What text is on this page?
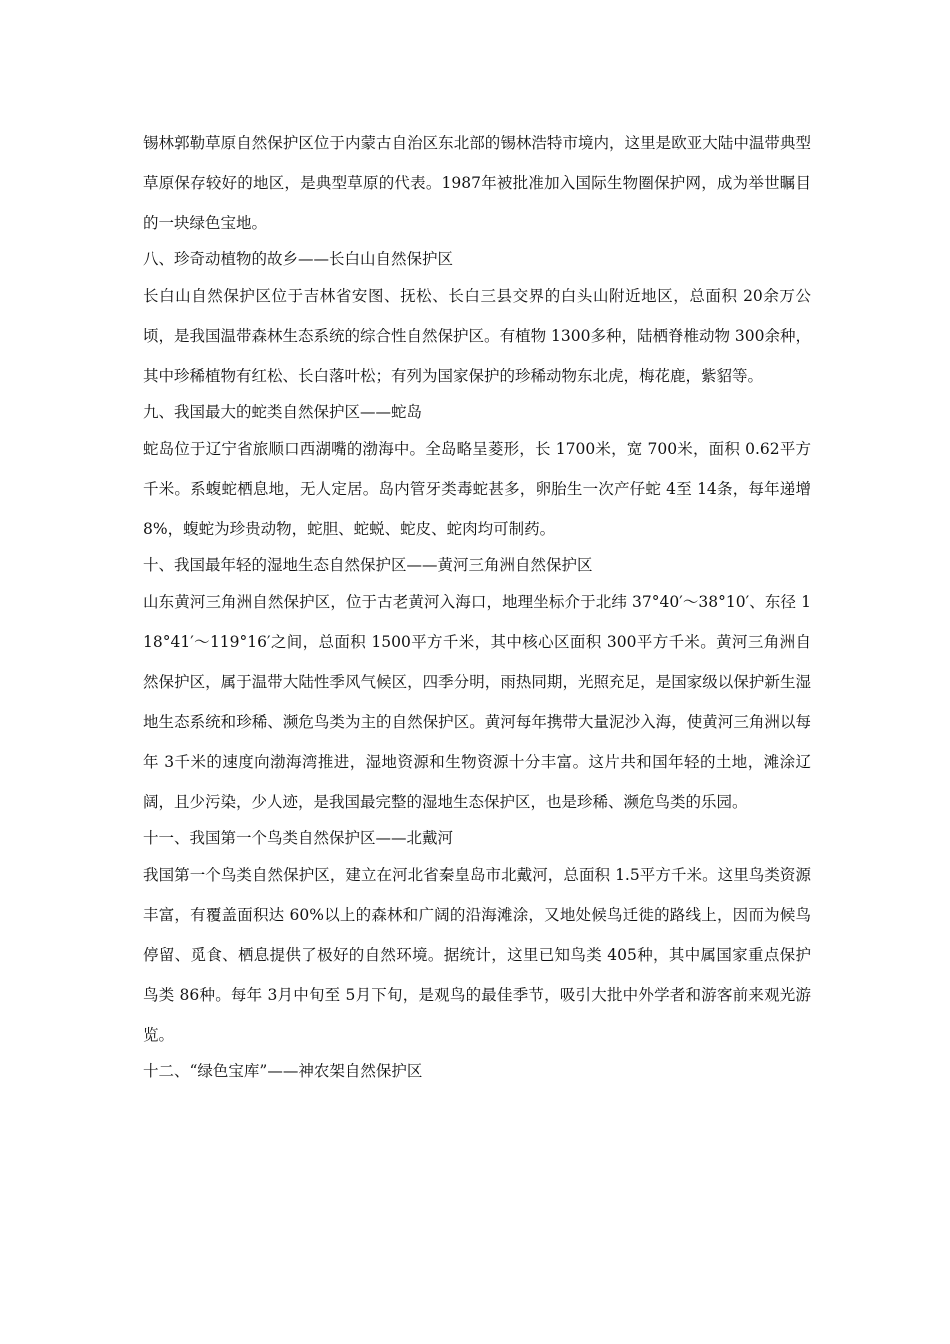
锡林郭勒草原自然保护区位于内蒙古自治区东北部的锡林浩特市境内，这里是欧亚大陆中温带典型草原保存较好的地区，是典型草原的代表。1987年被批准加入国际生物圈保护网，成为举世瞩目的一块绿色宝地。

八、珍奇动植物的故乡——长白山自然保护区

长白山自然保护区位于吉林省安图、抚松、长白三县交界的白头山附近地区，总面积 20余万公顷，是我国温带森林生态系统的综合性自然保护区。有植物 1300多种，陆栖脊椎动物 300余种，其中珍稀植物有红松、长白落叶松；有列为国家保护的珍稀动物东北虎，梅花鹿，紫貂等。

九、我国最大的蛇类自然保护区——蛇岛

蛇岛位于辽宁省旅顺口西湖嘴的渤海中。全岛略呈菱形，长 1700米，宽 700米，面积 0.62平方千米。系蝮蛇栖息地，无人定居。岛内管牙类毒蛇甚多，卵胎生一次产仔蛇 4至 14条，每年递增 8%，蝮蛇为珍贵动物，蛇胆、蛇蜕、蛇皮、蛇肉均可制药。

十、我国最年轻的湿地生态自然保护区——黄河三角洲自然保护区

山东黄河三角洲自然保护区，位于古老黄河入海口，地理坐标介于北纬 37°40′～38°10′、东径 118°41′～119°16′之间，总面积 1500平方千米，其中核心区面积 300平方千米。黄河三角洲自然保护区，属于温带大陆性季风气候区，四季分明，雨热同期，光照充足，是国家级以保护新生湿地生态系统和珍稀、濒危鸟类为主的自然保护区。黄河每年携带大量泥沙入海，使黄河三角洲以每年 3千米的速度向渤海湾推进，湿地资源和生物资源十分丰富。这片共和国年轻的土地，滩涂辽阔，且少污染，少人迹，是我国最完整的湿地生态保护区，也是珍稀、濒危鸟类的乐园。

十一、我国第一个鸟类自然保护区——北戴河

我国第一个鸟类自然保护区，建立在河北省秦皇岛市北戴河，总面积 1.5平方千米。这里鸟类资源丰富，有覆盖面积达 60%以上的森林和广阔的沿海滩涂，又地处候鸟迁徙的路线上，因而为候鸟停留、觅食、栖息提供了极好的自然环境。据统计，这里已知鸟类 405种，其中属国家重点保护鸟类 86种。每年 3月中旬至 5月下旬，是观鸟的最佳季节，吸引大批中外学者和游客前来观光游览。

十二、“绿色宝库”——神农架自然保护区
